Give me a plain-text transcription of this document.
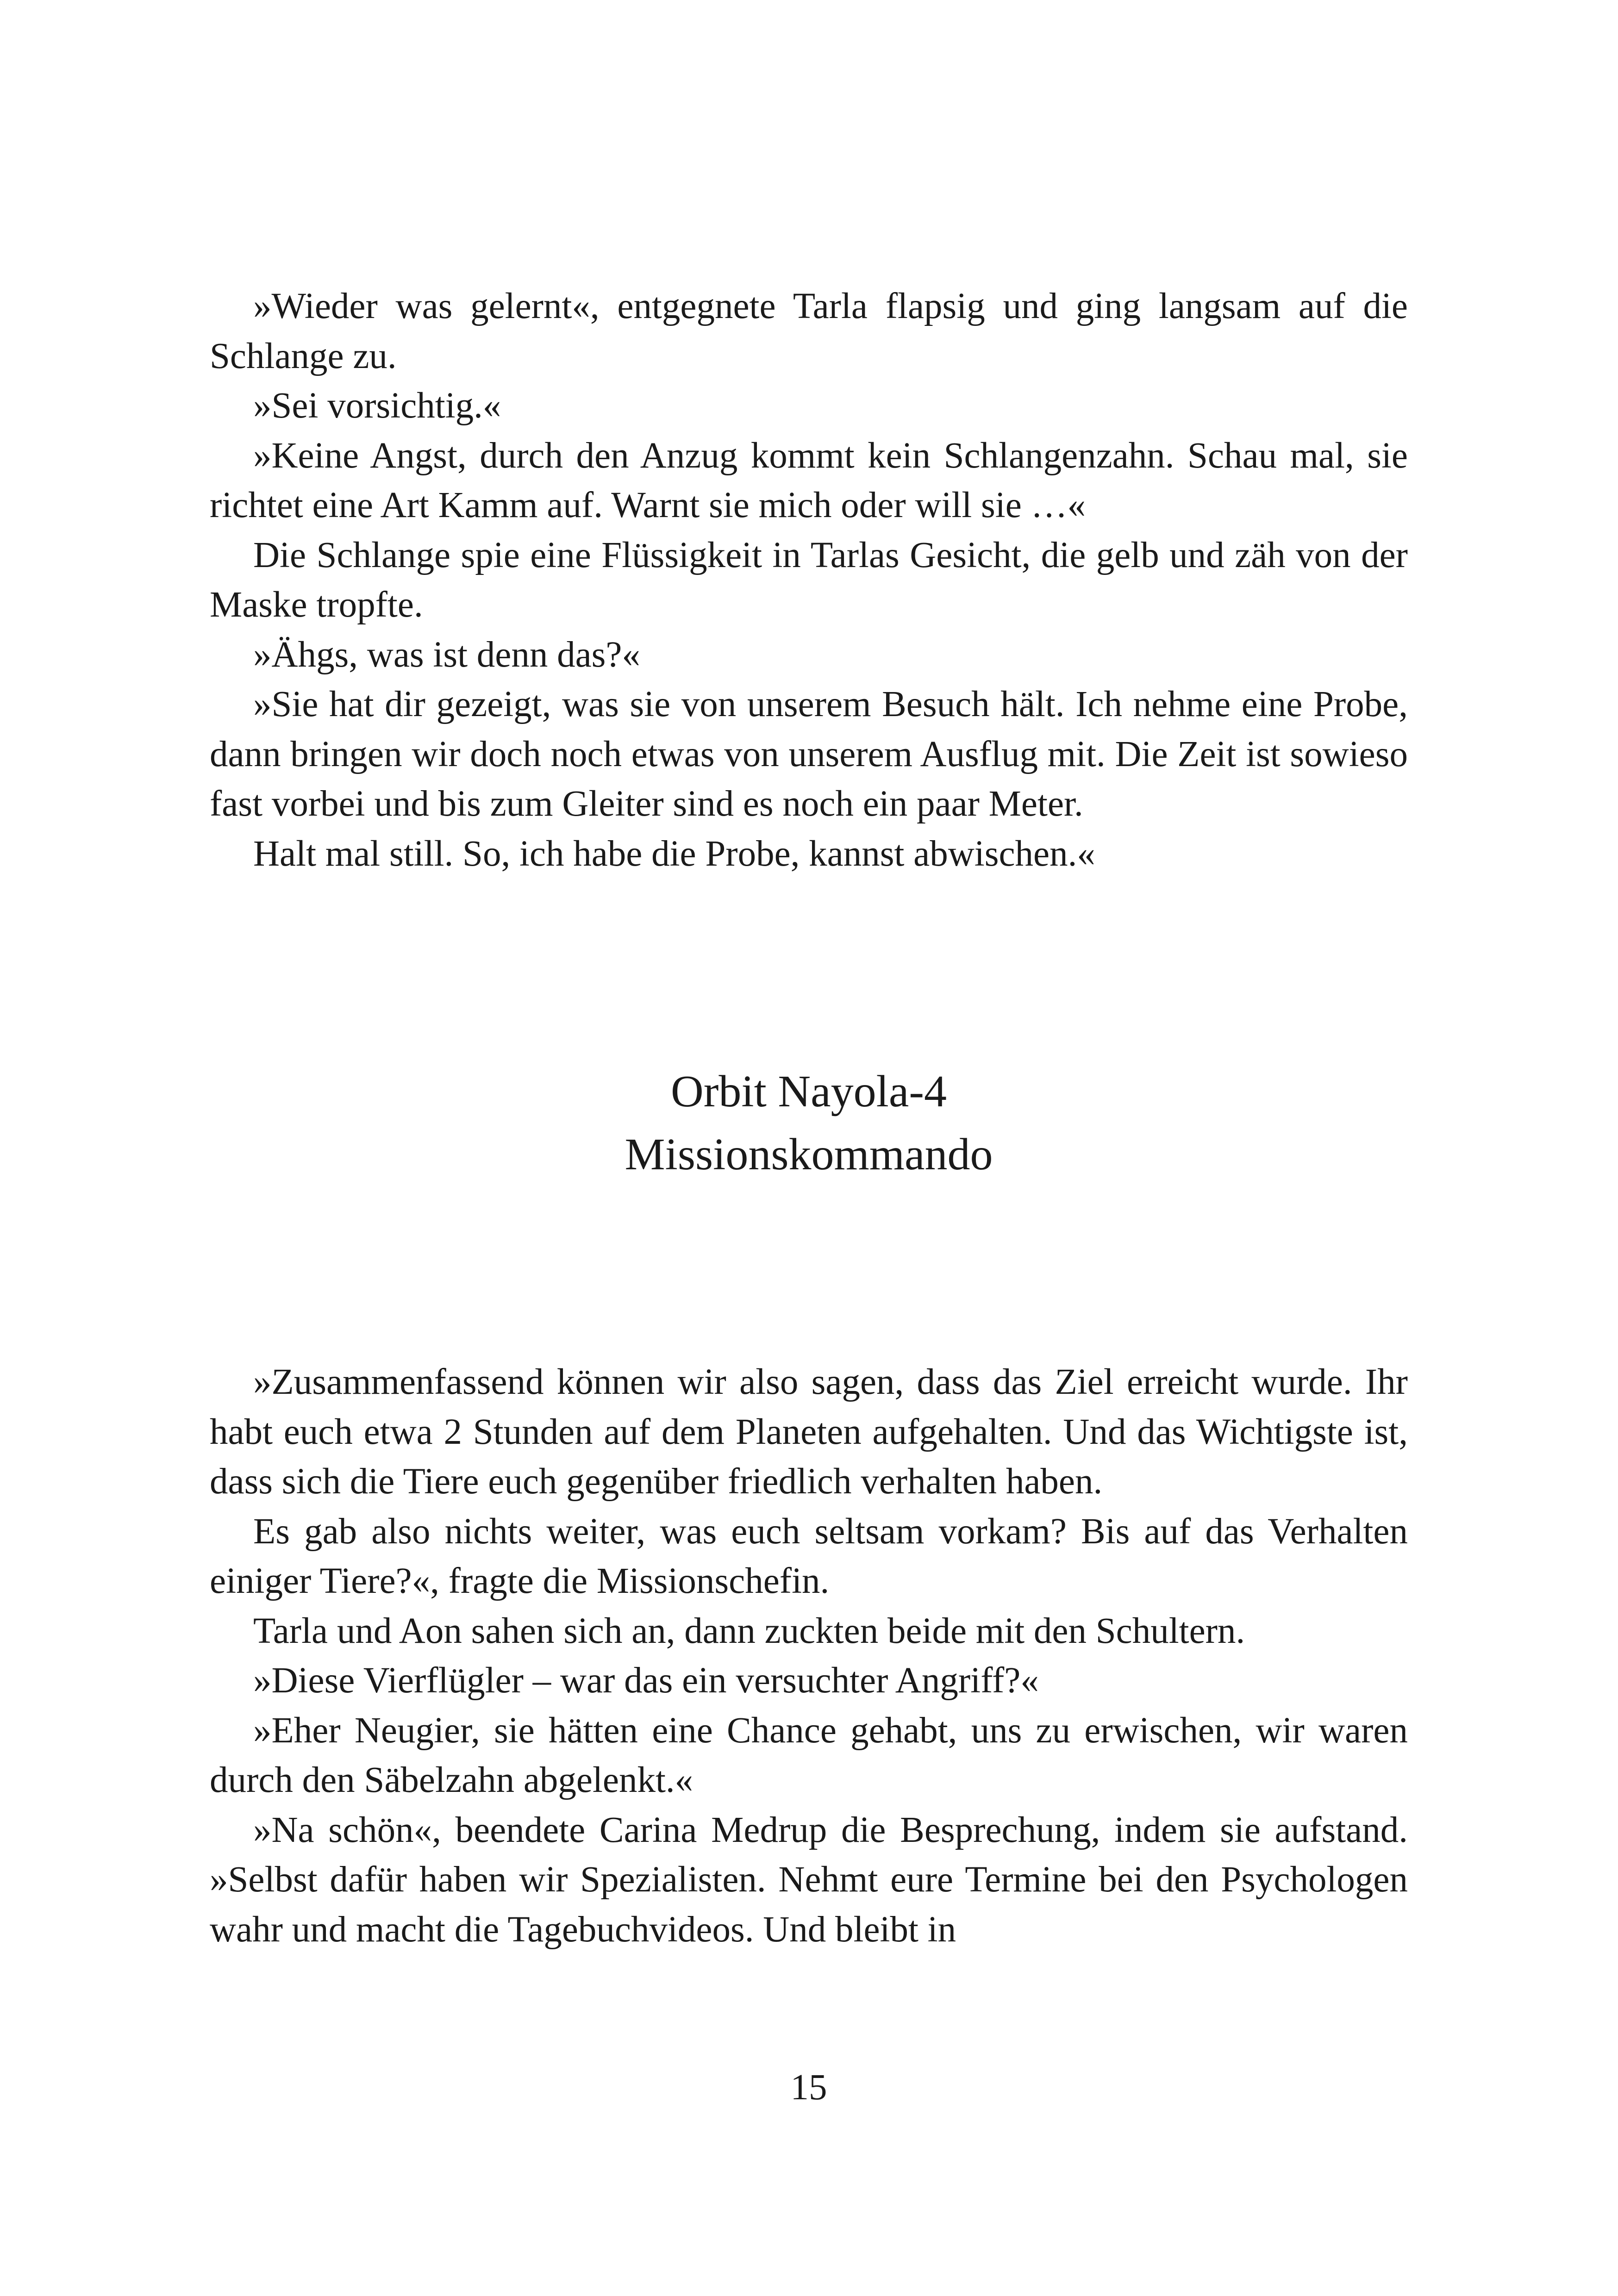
»Wieder was gelernt«, entgegnete Tarla flapsig und ging langsam auf die Schlange zu.

»Sei vorsichtig.«

»Keine Angst, durch den Anzug kommt kein Schlangenzahn. Schau mal, sie richtet eine Art Kamm auf. Warnt sie mich oder will sie …«

Die Schlange spie eine Flüssigkeit in Tarlas Gesicht, die gelb und zäh von der Maske tropfte.

»Ähgs, was ist denn das?«

»Sie hat dir gezeigt, was sie von unserem Besuch hält. Ich nehme eine Probe, dann bringen wir doch noch etwas von unserem Ausflug mit. Die Zeit ist sowieso fast vorbei und bis zum Gleiter sind es noch ein paar Meter.

Halt mal still. So, ich habe die Probe, kannst abwischen.«

Orbit Nayola-4
Missionskommando

»Zusammenfassend können wir also sagen, dass das Ziel erreicht wurde. Ihr habt euch etwa 2 Stunden auf dem Planeten aufgehalten. Und das Wichtigste ist, dass sich die Tiere euch gegenüber friedlich verhalten haben.

Es gab also nichts weiter, was euch seltsam vorkam? Bis auf das Verhalten einiger Tiere?«, fragte die Missionschefin.

Tarla und Aon sahen sich an, dann zuckten beide mit den Schultern.

»Diese Vierflügler – war das ein versuchter Angriff?«

»Eher Neugier, sie hätten eine Chance gehabt, uns zu erwischen, wir waren durch den Säbelzahn abgelenkt.«

»Na schön«, beendete Carina Medrup die Besprechung, indem sie aufstand. »Selbst dafür haben wir Spezialisten. Nehmt eure Termine bei den Psychologen wahr und macht die Tagebuchvideos. Und bleibt in

15
